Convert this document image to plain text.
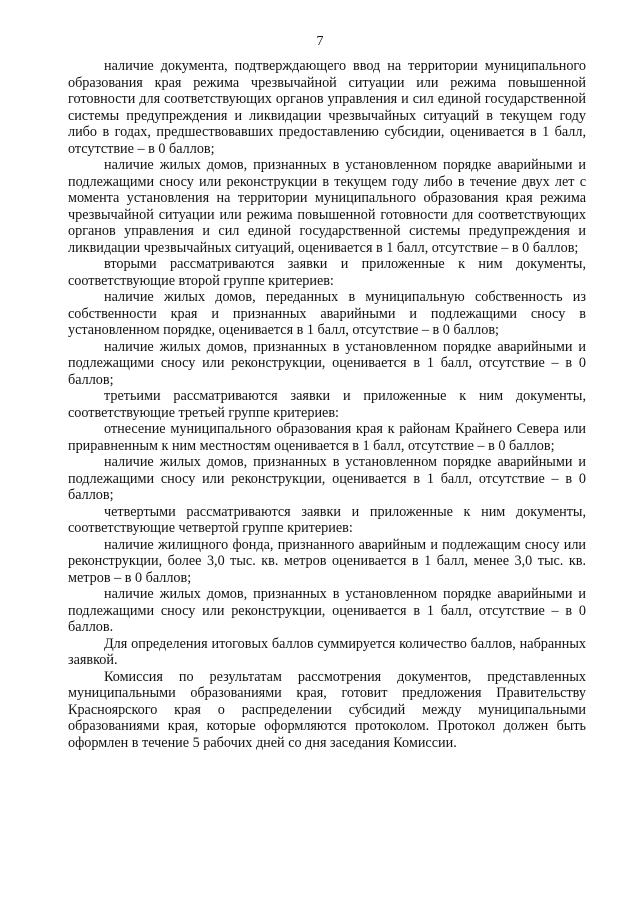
7

наличие документа, подтверждающего ввод на территории муниципального образования края режима чрезвычайной ситуации или режима повышенной готовности для соответствующих органов управления и сил единой государственной системы предупреждения и ликвидации чрезвычайных ситуаций в текущем году либо в годах, предшествовавших предоставлению субсидии, оценивается в 1 балл, отсутствие – в 0 баллов;

наличие жилых домов, признанных в установленном порядке аварийными и подлежащими сносу или реконструкции в текущем году либо в течение двух лет с момента установления на территории муниципального образования края режима чрезвычайной ситуации или режима повышенной готовности для соответствующих органов управления и сил единой государственной системы предупреждения и ликвидации чрезвычайных ситуаций, оценивается в 1 балл, отсутствие – в 0 баллов;

вторыми рассматриваются заявки и приложенные к ним документы, соответствующие второй группе критериев:

наличие жилых домов, переданных в муниципальную собственность из собственности края и признанных аварийными и подлежащими сносу в установленном порядке, оценивается в 1 балл, отсутствие – в 0 баллов;

наличие жилых домов, признанных в установленном порядке аварийными и подлежащими сносу или реконструкции, оценивается в 1 балл, отсутствие – в 0 баллов;

третьими рассматриваются заявки и приложенные к ним документы, соответствующие третьей группе критериев:

отнесение муниципального образования края к районам Крайнего Севера или приравненным к ним местностям оценивается в 1 балл, отсутствие – в 0 баллов;

наличие жилых домов, признанных в установленном порядке аварийными и подлежащими сносу или реконструкции, оценивается в 1 балл, отсутствие – в 0 баллов;

четвертыми рассматриваются заявки и приложенные к ним документы, соответствующие четвертой группе критериев:

наличие жилищного фонда, признанного аварийным и подлежащим сносу или реконструкции, более 3,0 тыс. кв. метров оценивается в 1 балл, менее 3,0 тыс. кв. метров – в 0 баллов;

наличие жилых домов, признанных в установленном порядке аварийными и подлежащими сносу или реконструкции, оценивается в 1 балл, отсутствие – в 0 баллов.

Для определения итоговых баллов суммируется количество баллов, набранных заявкой.

Комиссия по результатам рассмотрения документов, представленных муниципальными образованиями края, готовит предложения Правительству Красноярского края о распределении субсидий между муниципальными образованиями края, которые оформляются протоколом. Протокол должен быть оформлен в течение 5 рабочих дней со дня заседания Комиссии.
